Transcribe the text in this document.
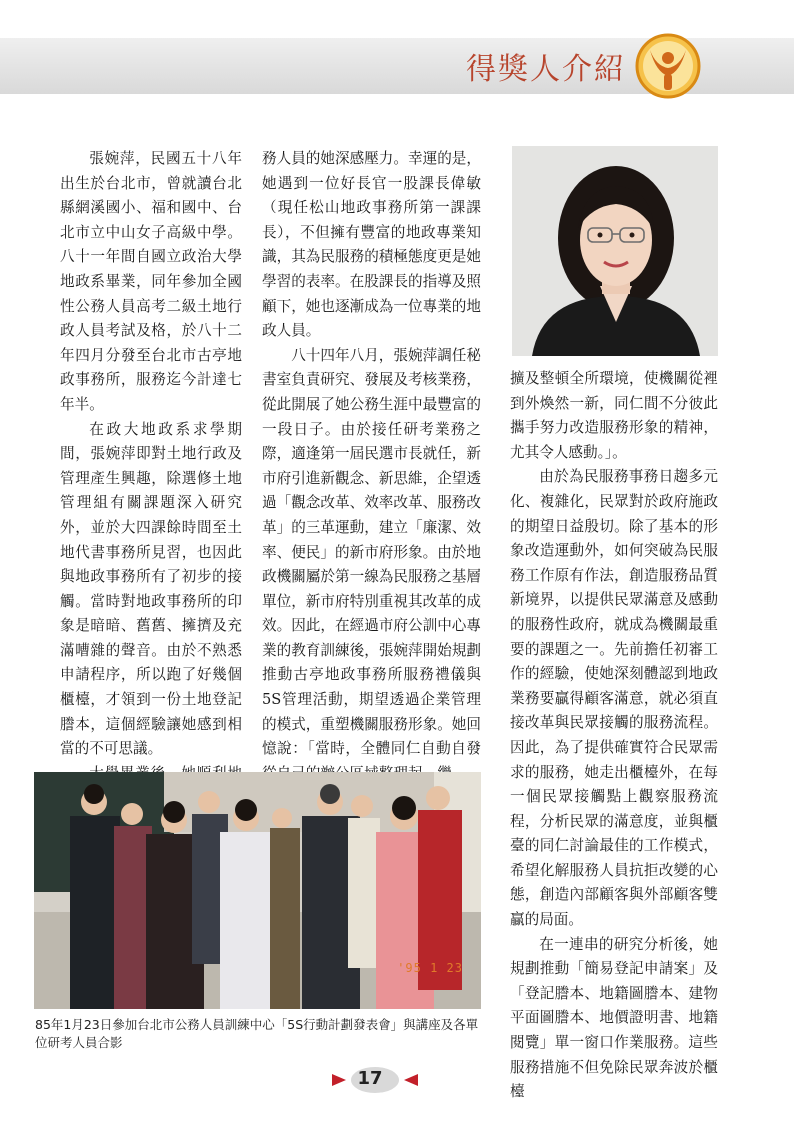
得獎人介紹

張婉萍，民國五十八年出生於台北市，曾就讀台北縣網溪國小、福和國中、台北市立中山女子高級中學。八十一年間自國立政治大學地政系畢業，同年參加全國性公務人員高考二級土地行政人員考試及格，於八十二年四月分發至台北市古亭地政事務所，服務迄今計達七年半。

在政大地政系求學期間，張婉萍即對土地行政及管理產生興趣，除選修土地管理組有關課題深入研究外，並於大四課餘時間至土地代書事務所見習，也因此與地政事務所有了初步的接觸。當時對地政事務所的印象是暗暗、舊舊、擁擠及充滿嘈雜的聲音。由於不熟悉申請程序，所以跑了好幾個櫃檯，才領到一份土地登記謄本，這個經驗讓她感到相當的不可思議。

務人員的她深感壓力。幸運的是，她遇到一位好長官一股課長偉敏（現任松山地政事務所第一課課長），不但擁有豐富的地政專業知識，其為民服務的積極態度更是她學習的表率。在股課長的指導及照顧下，她也逐漸成為一位專業的地政人員。

八十四年八月，張婉萍調任秘書室負責研究、發展及考核業務，從此開展了她公務生涯中最豐富的一段日子。由於接任研考業務之際，適逢第一屆民選市長就任，新市府引進新觀念、新思維，企望透過「觀念改革、效率改革、服務改革」的三革運動，建立「廉潔、效率、便民」的新市府形象。由於地政機關屬於第一線為民服務之基層單位，新市府特別重視其改革的成效。因此，在經過市府公訓中心專業的教育訓練後，張婉萍開始規劃推動古亭地政事務所服務禮儀與5S管理活動，期望透過企業管理的模式，重塑機關服務形象。她回憶說：「當時，全體同仁自動自發

擴及整頓全所環境，使機關從裡到外煥然一新，同仁間不分彼此攜手努力改造服務形象的精神，尤其令人感動。」。

由於為民服務事務日趨多元化、複雜化，民眾對於政府施政的期望日益殷切。除了基本的形象改造運動外，如何突破為民服務工作原有作法，創造服務品質新境界，以提供民眾滿意及感動的服務性政府，就成為機關最重要的課題之一。先前擔任初審工作的經驗，使她深刻體認到地政業務要贏得顧客滿意，就必須直接改革與民眾接觸的服務流程。因此，為了提供確實符合民眾需求的服務，她走出櫃檯外，在每一個民眾接觸點上觀察服務流程，分析民眾的滿意度，並與櫃臺的同仁討論最佳的工作模式，希望化解服務人員抗拒改變的心態，創造內部顧客與外部顧客雙贏的局面。

在一連串的研究分析後，她規劃推動「簡易登記申請案」及「登記謄本、地籍圖謄本、建物平面圖謄本、地價證明書、地籍閱覽」單一窗口作業服務。這些服務措施不但免除民眾奔波於櫃檯

'95 1 23
85年1月23日參加台北市公務人員訓練中心「5S行動計劃發表會」與講座及各單位研考人員合影
17
